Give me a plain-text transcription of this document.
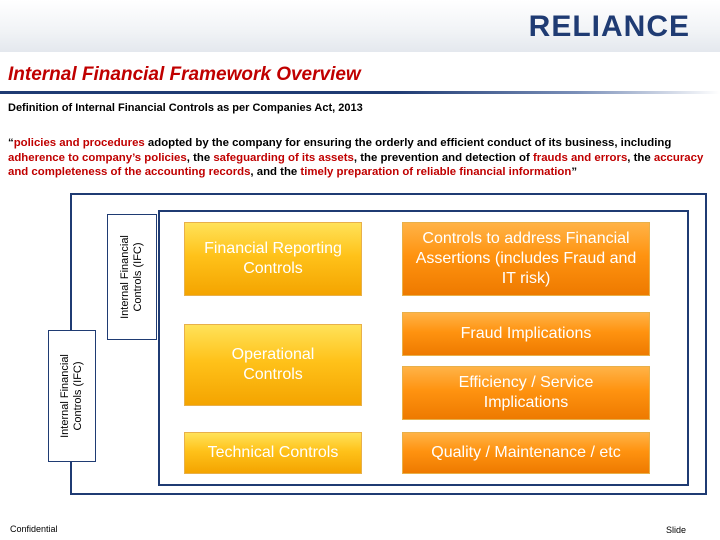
RELIANCE
Internal Financial Framework Overview
Definition of Internal Financial Controls as per Companies Act, 2013
“policies and procedures adopted by the company for ensuring the orderly and efficient conduct of its business, including adherence to company’s policies, the safeguarding of its assets, the prevention and detection of frauds and errors, the accuracy and completeness of the accounting records, and the timely preparation of reliable financial information”
Internal Financial Controls (IFC)
Internal Financial Controls (IFC)	Financial Reporting Controls
Operational Controls
Technical Controls
Controls to address Financial Assertions (includes Fraud and IT risk)
Fraud Implications
Efficiency / Service Implications
Quality / Maintenance / etc
Confidential	Slide
